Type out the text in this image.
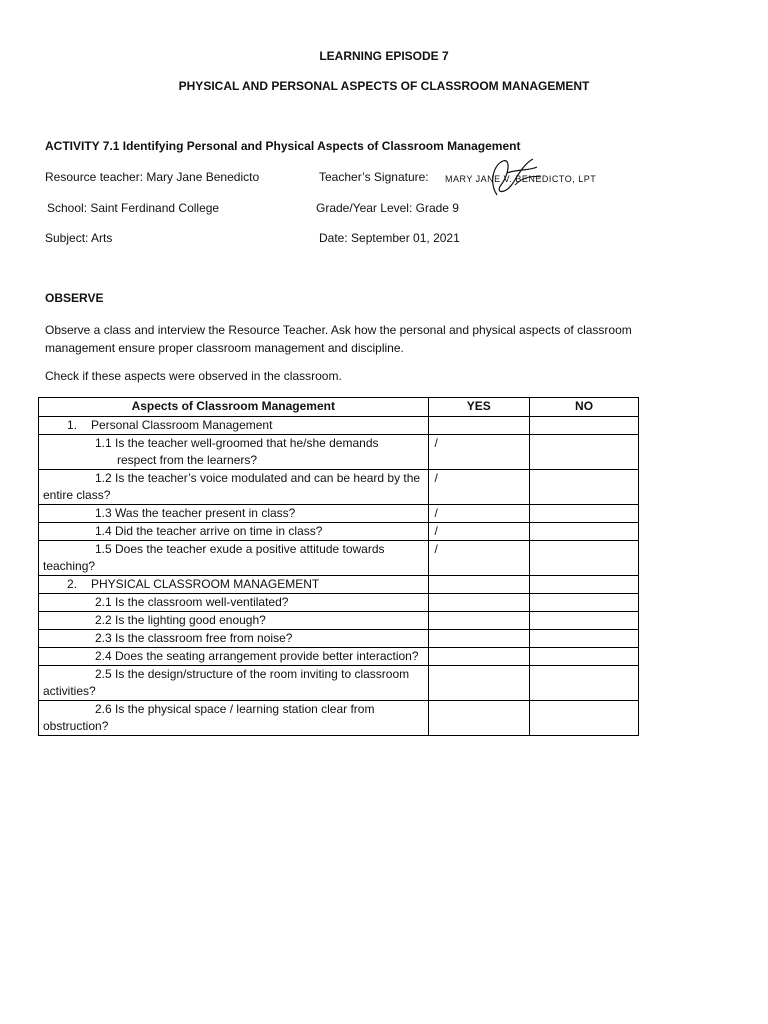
LEARNING EPISODE 7
PHYSICAL AND PERSONAL ASPECTS OF CLASSROOM MANAGEMENT
ACTIVITY 7.1 Identifying Personal and Physical Aspects of Classroom Management
Resource teacher: Mary Jane Benedicto	Teacher’s Signature: MARY JANE V. BENEDICTO, LPT
School: Saint Ferdinand College	Grade/Year Level: Grade 9
Subject: Arts	Date: September 01, 2021
OBSERVE
Observe a class and interview the Resource Teacher. Ask how the personal and physical aspects of classroom management ensure proper classroom management and discipline.
Check if these aspects were observed in the classroom.
Aspects of Classroom Management	YES	NO
1. Personal Classroom Management		
1.1 Is the teacher well-groomed that he/she demands
respect from the learners?	/	
1.2 Is the teacher’s voice modulated and can be heard by the entire class?	/	
1.3 Was the teacher present in class?	/	
1.4 Did the teacher arrive on time in class?	/	
1.5 Does the teacher exude a positive attitude towards teaching?	/	
2. PHYSICAL CLASSROOM MANAGEMENT		
2.1 Is the classroom well-ventilated?		
2.2 Is the lighting good enough?		
2.3 Is the classroom free from noise?		
2.4 Does the seating arrangement provide better interaction?		
2.5 Is the design/structure of the room inviting to classroom activities?		
2.6 Is the physical space / learning station clear from obstruction?		
